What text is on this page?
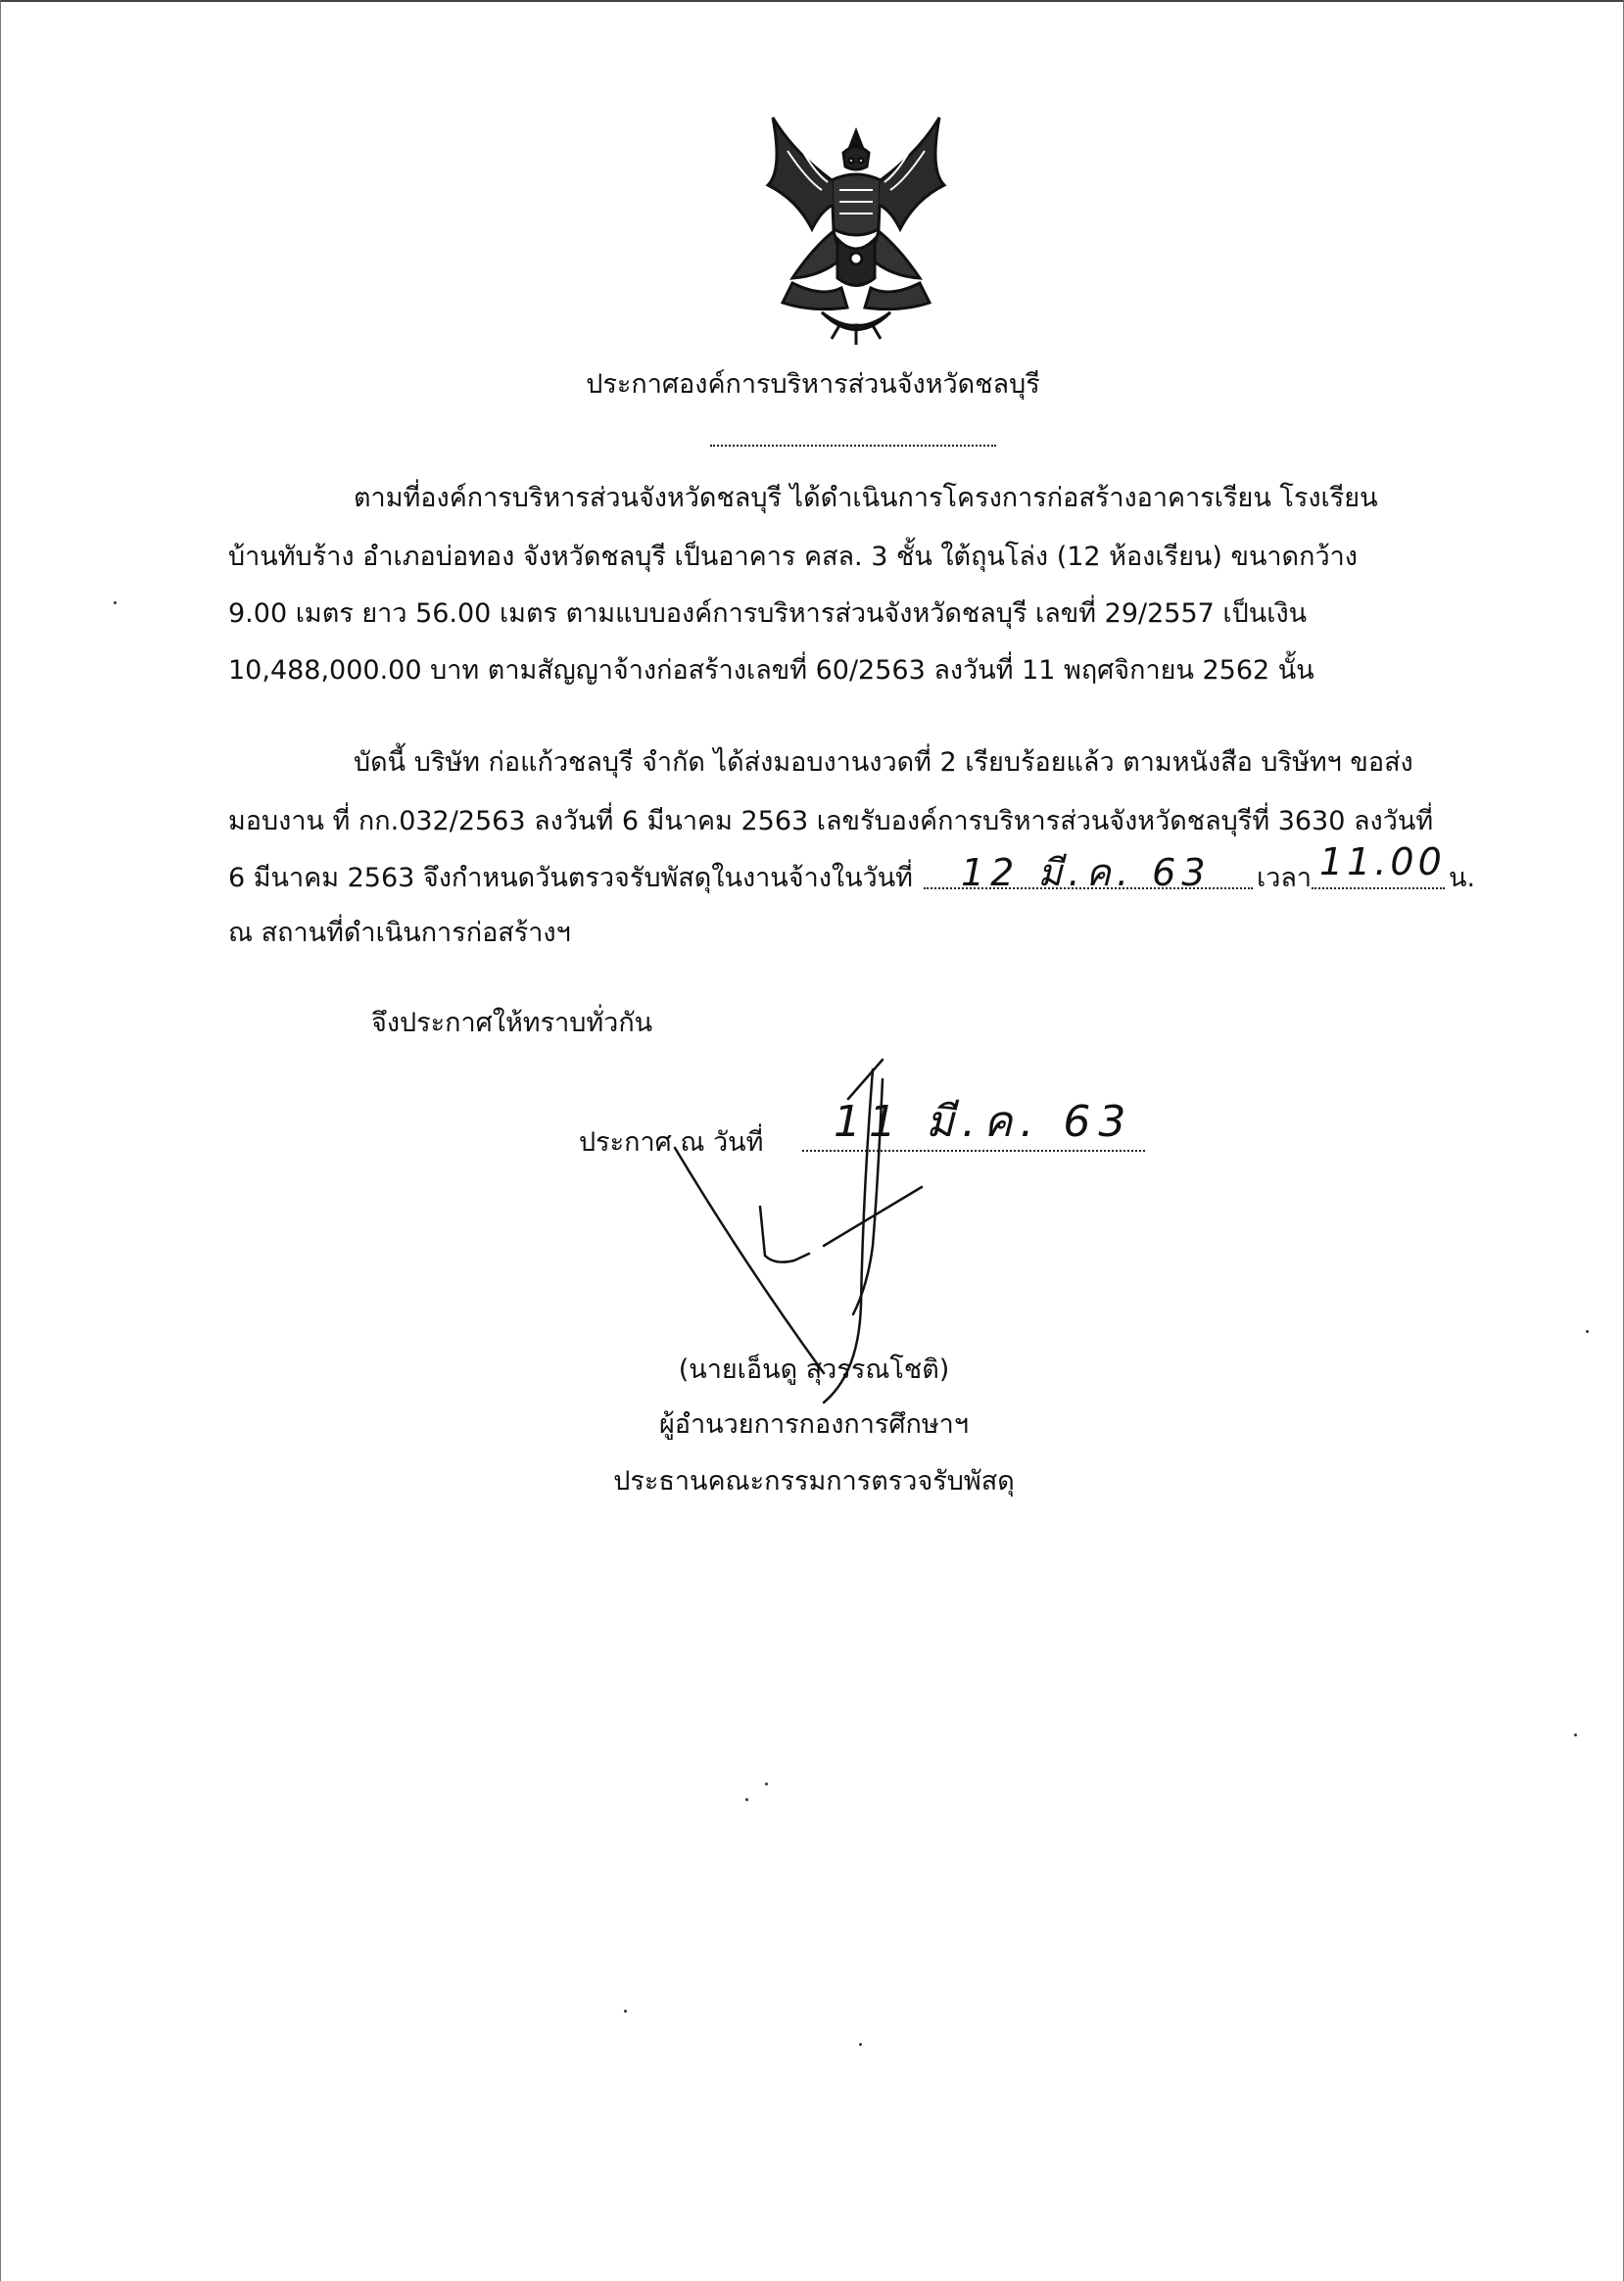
ประกาศองค์การบริหารส่วนจังหวัดชลบุรี
ตามที่องค์การบริหารส่วนจังหวัดชลบุรี ได้ดำเนินการโครงการก่อสร้างอาคารเรียน โรงเรียน
บ้านทับร้าง อำเภอบ่อทอง จังหวัดชลบุรี เป็นอาคาร คสล. 3 ชั้น ใต้ถุนโล่ง (12 ห้องเรียน) ขนาดกว้าง
9.00 เมตร ยาว 56.00 เมตร ตามแบบองค์การบริหารส่วนจังหวัดชลบุรี เลขที่ 29/2557 เป็นเงิน
10,488,000.00 บาท ตามสัญญาจ้างก่อสร้างเลขที่ 60/2563 ลงวันที่ 11 พฤศจิกายน 2562 นั้น
บัดนี้ บริษัท ก่อแก้วชลบุรี จำกัด ได้ส่งมอบงานงวดที่ 2 เรียบร้อยแล้ว ตามหนังสือ บริษัทฯ ขอส่ง
มอบงาน ที่ กก.032/2563 ลงวันที่ 6 มีนาคม 2563 เลขรับองค์การบริหารส่วนจังหวัดชลบุรีที่ 3630 ลงวันที่
6 มีนาคม 2563 จึงกำหนดวันตรวจรับพัสดุในงานจ้างในวันที่ 12 มี.ค. 63 เวลา 11.00 น.
ณ สถานที่ดำเนินการก่อสร้างฯ
จึงประกาศให้ทราบทั่วกัน
ประกาศ ณ วันที่ 11 มี.ค. 63
(นายเอ็นดู สุวรรณโชติ)
ผู้อำนวยการกองการศึกษาฯ
ประธานคณะกรรมการตรวจรับพัสดุ
